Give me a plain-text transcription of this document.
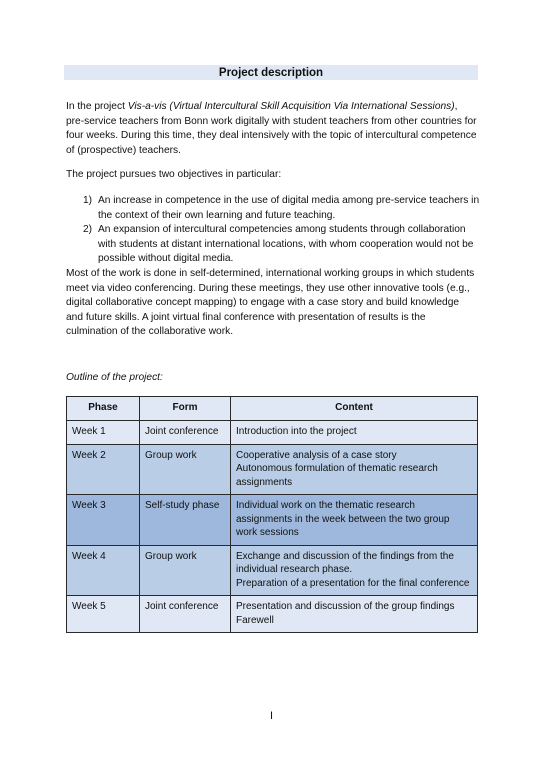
Project description

In the project Vis-a-vis (Virtual Intercultural Skill Acquisition Via International Sessions), pre-service teachers from Bonn work digitally with student teachers from other countries for four weeks. During this time, they deal intensively with the topic of intercultural competence of (prospective) teachers.

The project pursues two objectives in particular:

1) An increase in competence in the use of digital media among pre-service teachers in the context of their own learning and future teaching.
2) An expansion of intercultural competencies among students through collaboration with students at distant international locations, with whom cooperation would not be possible without digital media.

Most of the work is done in self-determined, international working groups in which students meet via video conferencing. During these meetings, they use other innovative tools (e.g., digital collaborative concept mapping) to engage with a case story and build knowledge and future skills. A joint virtual final conference with presentation of results is the culmination of the collaborative work.

Outline of the project:
Phase	Form	Content
Week 1	Joint conference	Introduction into the project

Week 2	Group work	Cooperative analysis of a case story
Autonomous formulation of thematic research assignments

Week 3	Self-study phase	Individual work on the thematic research assignments in the week between the two group work sessions

Week 4	Group work	Exchange and discussion of the findings from the individual research phase.
Preparation of a presentation for the final conference

Week 5	Joint conference	Presentation and discussion of the group findings
Farewell
I
